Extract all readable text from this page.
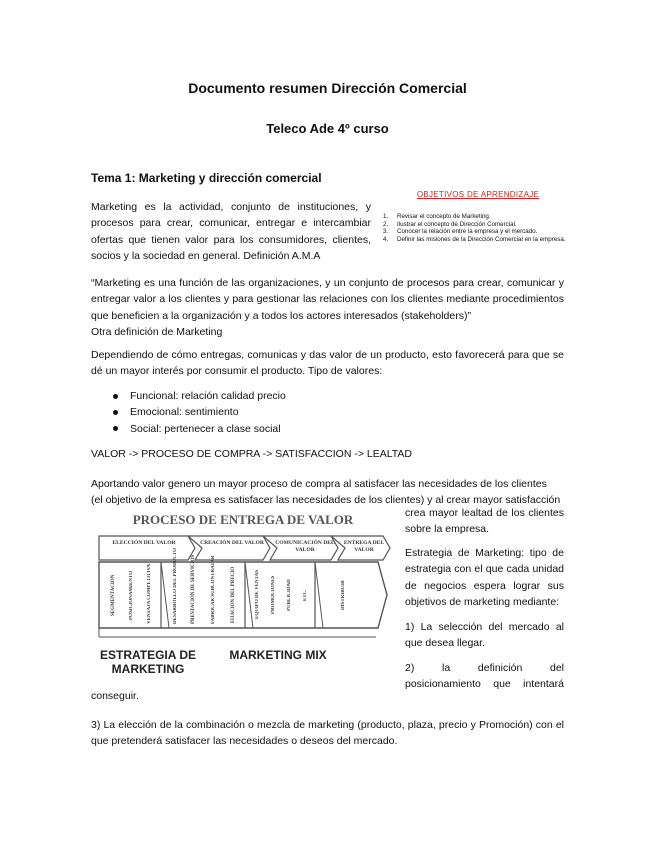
Documento resumen Dirección Comercial
Teleco Ade 4º curso
Tema 1: Marketing y dirección comercial

Marketing es la actividad, conjunto de instituciones, y procesos para crear, comunicar, entregar e intercambiar ofertas que tienen valor para los consumidores, clientes, socios y la sociedad en general. Definición A.M.A

OBJETIVOS DE APRENDIZAJE
1.	Revisar el concepto de Marketing.
2.	Ilustrar el concepto de Dirección Comercial.
3.	Conocer la relación entre la empresa y el mercado.
4.	Definir las misiones de la Dirección Comercial en la empresa.

“Marketing es una función de las organizaciones, y un conjunto de procesos para crear, comunicar y entregar valor a los clientes y para gestionar las relaciones con los clientes mediante procedimientos que beneficien a la organización y a todos los actores interesados (stakeholders)”
Otra definición de Marketing

Dependiendo de cómo entregas, comunicas y das valor de un producto, esto favorecerá para que se dé un mayor interés por consumir el producto. Tipo de valores:

Funcional: relación calidad precio
Emocional: sentimiento
Social: pertenecer a clase social
VALOR -> PROCESO DE COMPRA -> SATISFACCION -> LEALTAD
Aportando valor genero un mayor proceso de compra al satisfacer las necesidades de los clientes
(el objetivo de la empresa es satisfacer las necesidades de los clientes) y al crear mayor satisfacción

crea mayor lealtad de los clientes sobre la empresa.

Estrategia de Marketing: tipo de estrategia con el que cada unidad de negocios espera lograr sus objetivos de marketing mediante:

1) La selección del mercado al que desea llegar.

2) la definición del posicionamiento que intentará

conseguir.
PROCESO DE ENTREGA DE VALOR
ELECCIÓN DEL VALOR	CREACIÓN DEL VALOR	COMUNICACIÓN DEL VALOR
ENTREGA DEL VALOR
SEGMENTACIÓN	POSICIONAMIENTO	VENTAJA COMPETITIVA	DESARROLLO DEL PRODUCTO	PRESTACIÓN DE SERVICIOS	FABRICAR SUBCONTRATAR	FIJACIÓN DEL PRECIO	EQUIPO DE VENTAS PROMOCIONES PUBLICIDAD ETC.	DISTRIBUIR
ESTRATEGIA DE MARKETING
MARKETING MIX

3) La elección de la combinación o mezcla de marketing (producto, plaza, precio y Promoción) con el que pretenderá satisfacer las necesidades o deseos del mercado.
